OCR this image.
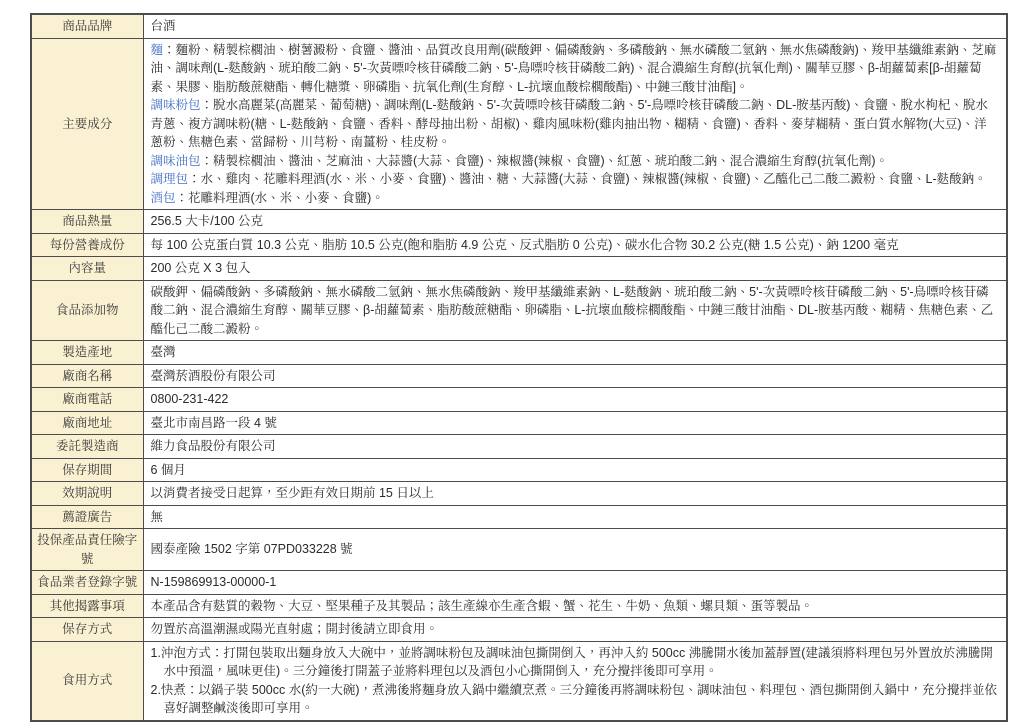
商品品牌	台酒
主要成分	麵：麵粉、精製棕櫚油、樹薯澱粉、食鹽、醬油、品質改良用劑(碳酸鉀、偏磷酸鈉、多磷酸鈉、無水磷酸二氫鈉、無水焦磷酸鈉)、羧甲基纖維素鈉、芝麻油、調味劑(L-麩酸鈉、琥珀酸二鈉、5'-次黃嘌呤核苷磷酸二鈉、5'-鳥嘌呤核苷磷酸二鈉)、混合濃縮生育醇(抗氧化劑)、關華豆膠、β-胡蘿蔔素[β-胡蘿蔔素、果膠、脂肪酸蔗糖酯、轉化糖漿、卵磷脂、抗氧化劑(生育醇、L-抗壞血酸棕櫚酸酯)、中鏈三酸甘油酯]。

調味粉包：脫水高麗菜(高麗菜、葡萄糖)、調味劑(L-麩酸鈉、5'-次黃嘌呤核苷磷酸二鈉、5'-鳥嘌呤核苷磷酸二鈉、DL-胺基丙酸)、食鹽、脫水枸杞、脫水青蔥、複方調味粉(糖、L-麩酸鈉、食鹽、香料、酵母抽出粉、胡椒)、雞肉風味粉(雞肉抽出物、糊精、食鹽)、香料、麥芽糊精、蛋白質水解物(大豆)、洋蔥粉、焦糖色素、當歸粉、川芎粉、南薑粉、桂皮粉。

調味油包：精製棕櫚油、醬油、芝麻油、大蒜醬(大蒜、食鹽)、辣椒醬(辣椒、食鹽)、紅蔥、琥珀酸二鈉、混合濃縮生育醇(抗氧化劑)。

調理包：水、雞肉、花雕料理酒(水、米、小麥、食鹽)、醬油、糖、大蒜醬(大蒜、食鹽)、辣椒醬(辣椒、食鹽)、乙醯化己二酸二澱粉、食鹽、L-麩酸鈉。

酒包：花雕料理酒(水、米、小麥、食鹽)。

商品熱量	256.5 大卡/100 公克
每份營養成份	每 100 公克蛋白質 10.3 公克、脂肪 10.5 公克(飽和脂肪 4.9 公克、反式脂肪 0 公克)、碳水化合物 30.2 公克(糖 1.5 公克)、鈉 1200 毫克
內容量	200 公克 X 3 包入
食品添加物	碳酸鉀、偏磷酸鈉、多磷酸鈉、無水磷酸二氫鈉、無水焦磷酸鈉、羧甲基纖維素鈉、L-麩酸鈉、琥珀酸二鈉、5'-次黃嘌呤核苷磷酸二鈉、5'-鳥嘌呤核苷磷酸二鈉、混合濃縮生育醇、關華豆膠、β-胡蘿蔔素、脂肪酸蔗糖酯、卵磷脂、L-抗壞血酸棕櫚酸酯、中鏈三酸甘油酯、DL-胺基丙酸、糊精、焦糖色素、乙醯化己二酸二澱粉。
製造產地	臺灣
廠商名稱	臺灣菸酒股份有限公司
廠商電話	0800-231-422
廠商地址	臺北市南昌路一段 4 號
委託製造商	維力食品股份有限公司
保存期間	6 個月
效期說明	以消費者接受日起算，至少距有效日期前 15 日以上
薦證廣告	無
投保產品責任險字號	國泰產險 1502 字第 07PD033228 號
食品業者登錄字號	N-159869913-00000-1
其他揭露事項	本產品含有麩質的穀物、大豆、堅果種子及其製品；該生產線亦生產含蝦、蟹、花生、牛奶、魚類、螺貝類、蛋等製品。
保存方式	勿置於高溫潮濕或陽光直射處；開封後請立即食用。
食用方式	1.沖泡方式：打開包裝取出麵身放入大碗中，並將調味粉包及調味油包撕開倒入，再沖入約 500cc 沸騰開水後加蓋靜置(建議須將料理包另外置放於沸騰開水中預溫，風味更佳)。三分鐘後打開蓋子並將料理包以及酒包小心撕開倒入，充分攪拌後即可享用。

2.快煮：以鍋子裝 500cc 水(約一大碗)，煮沸後將麵身放入鍋中繼續烹煮。三分鐘後再將調味粉包、調味油包、料理包、酒包撕開倒入鍋中，充分攪拌並依喜好調整鹹淡後即可享用。
